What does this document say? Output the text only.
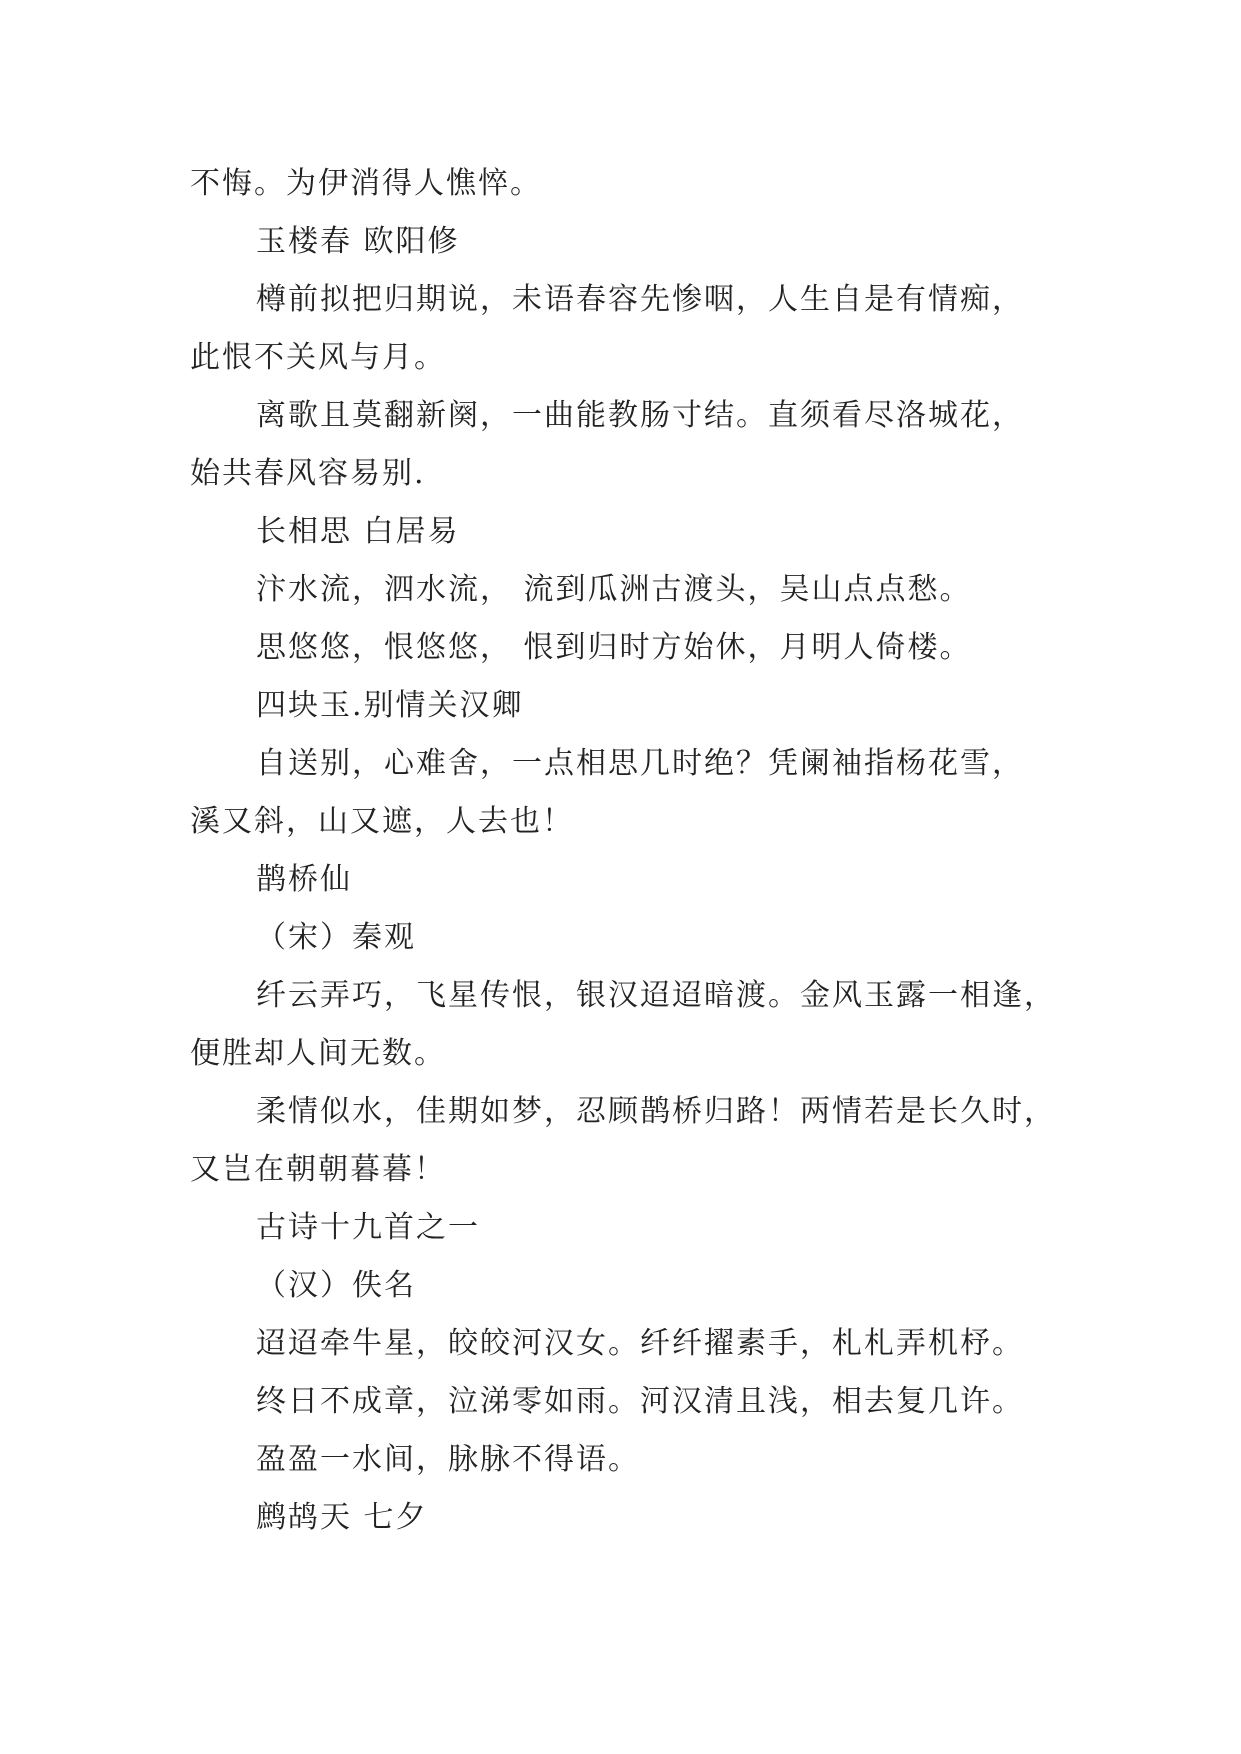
不悔。为伊消得人憔悴。
玉楼春 欧阳修
樽前拟把归期说，未语春容先惨咽，人生自是有情痴，
此恨不关风与月。
离歌且莫翻新阕，一曲能教肠寸结。直须看尽洛城花，
始共春风容易别.
长相思 白居易
汴水流，泗水流， 流到瓜洲古渡头，吴山点点愁。
思悠悠，恨悠悠， 恨到归时方始休，月明人倚楼。
四块玉.别情关汉卿
自送别，心难舍，一点相思几时绝？凭阑袖指杨花雪，
溪又斜，山又遮，人去也！
鹊桥仙
（宋）秦观
纤云弄巧，飞星传恨，银汉迢迢暗渡。金风玉露一相逢，
便胜却人间无数。
柔情似水，佳期如梦，忍顾鹊桥归路！两情若是长久时，
又岂在朝朝暮暮！
古诗十九首之一
（汉）佚名
迢迢牵牛星，皎皎河汉女。纤纤擢素手，札札弄机杼。
终日不成章，泣涕零如雨。河汉清且浅，相去复几许。
盈盈一水间，脉脉不得语。
鹧鸪天 七夕
